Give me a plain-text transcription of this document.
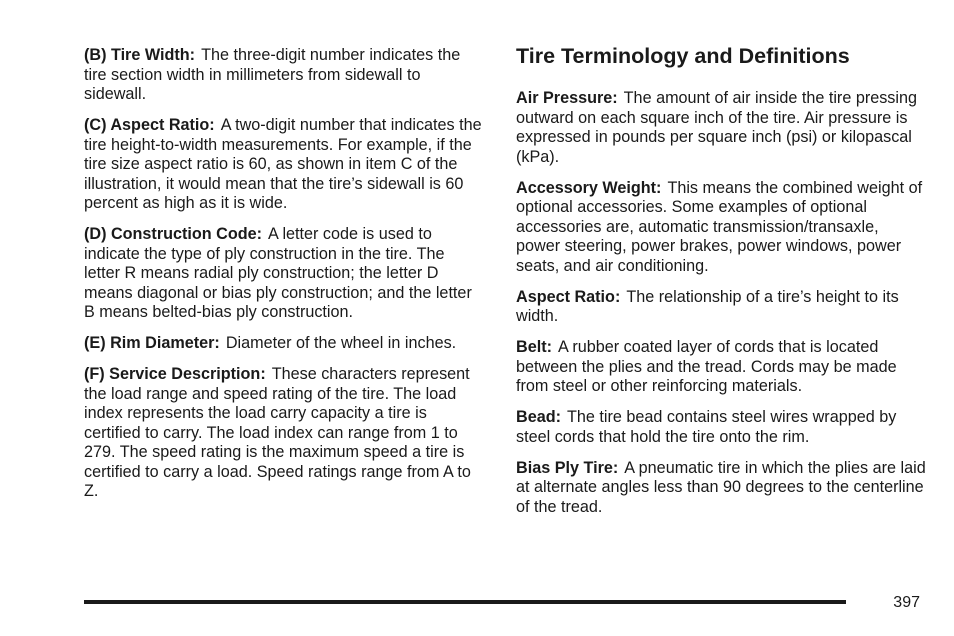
(B) Tire Width: The three-digit number indicates the tire section width in millimeters from sidewall to sidewall.

(C) Aspect Ratio: A two-digit number that indicates the tire height-to-width measurements. For example, if the tire size aspect ratio is 60, as shown in item C of the illustration, it would mean that the tire’s sidewall is 60 percent as high as it is wide.

(D) Construction Code: A letter code is used to indicate the type of ply construction in the tire. The letter R means radial ply construction; the letter D means diagonal or bias ply construction; and the letter B means belted-bias ply construction.

(E) Rim Diameter: Diameter of the wheel in inches.

(F) Service Description: These characters represent the load range and speed rating of the tire. The load index represents the load carry capacity a tire is certified to carry. The load index can range from 1 to 279. The speed rating is the maximum speed a tire is certified to carry a load. Speed ratings range from A to Z.

Tire Terminology and Definitions

Air Pressure: The amount of air inside the tire pressing outward on each square inch of the tire. Air pressure is expressed in pounds per square inch (psi) or kilopascal (kPa).

Accessory Weight: This means the combined weight of optional accessories. Some examples of optional accessories are, automatic transmission/transaxle, power steering, power brakes, power windows, power seats, and air conditioning.

Aspect Ratio: The relationship of a tire’s height to its width.

Belt: A rubber coated layer of cords that is located between the plies and the tread. Cords may be made from steel or other reinforcing materials.

Bead: The tire bead contains steel wires wrapped by steel cords that hold the tire onto the rim.

Bias Ply Tire: A pneumatic tire in which the plies are laid at alternate angles less than 90 degrees to the centerline of the tread.

397
